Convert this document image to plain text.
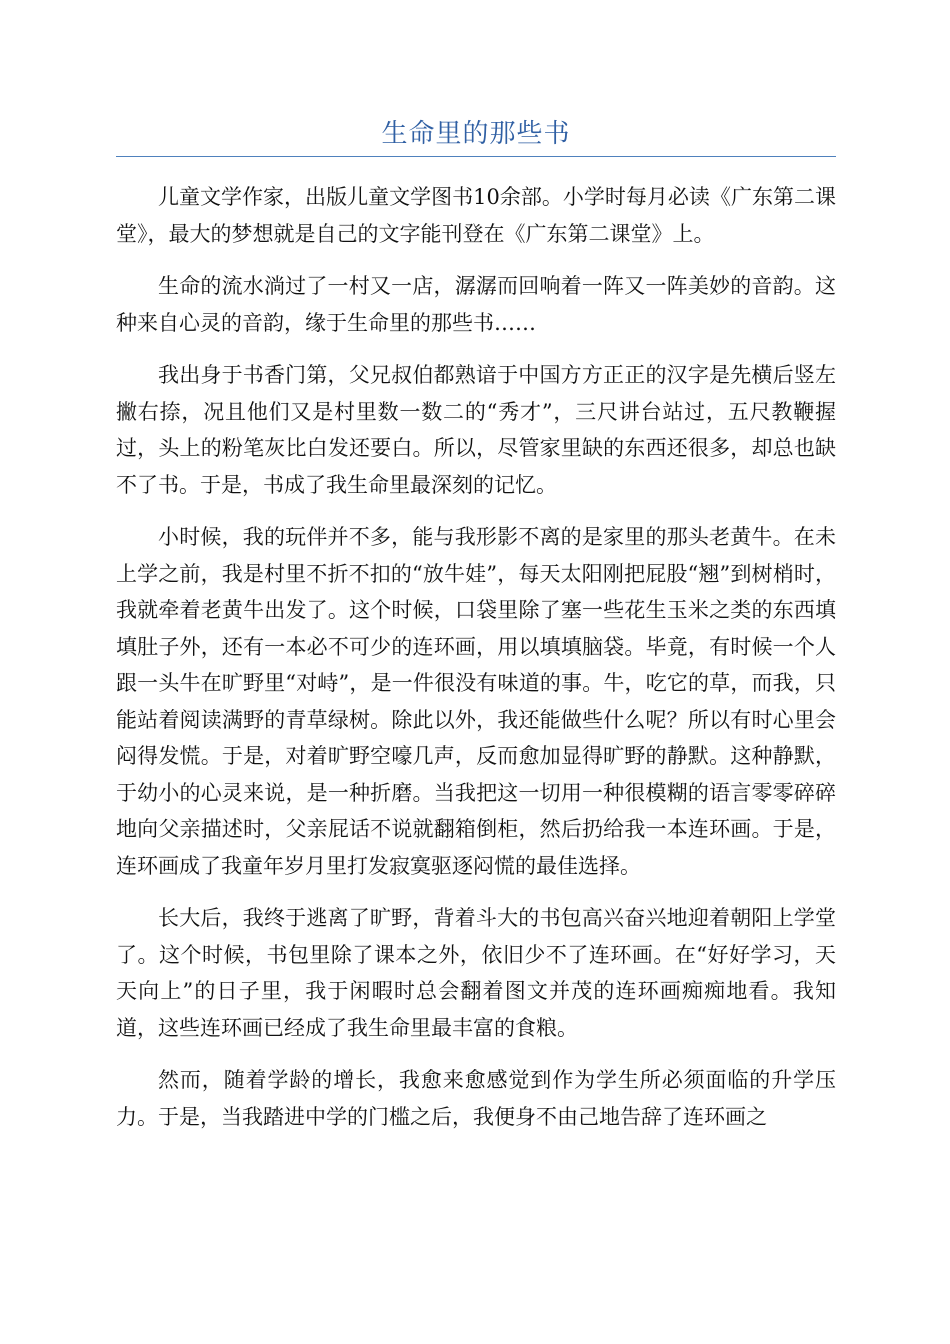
生命里的那些书

儿童文学作家，出版儿童文学图书10余部。小学时每月必读《广东第二课堂》，最大的梦想就是自己的文字能刊登在《广东第二课堂》上。

生命的流水淌过了一村又一店，潺潺而回响着一阵又一阵美妙的音韵。这种来自心灵的音韵，缘于生命里的那些书……

我出身于书香门第，父兄叔伯都熟谙于中国方方正正的汉字是先横后竖左撇右捺，况且他们又是村里数一数二的“秀才”，三尺讲台站过，五尺教鞭握过，头上的粉笔灰比白发还要白。所以，尽管家里缺的东西还很多，却总也缺不了书。于是，书成了我生命里最深刻的记忆。

小时候，我的玩伴并不多，能与我形影不离的是家里的那头老黄牛。在未上学之前，我是村里不折不扣的“放牛娃”，每天太阳刚把屁股“翘”到树梢时，我就牵着老黄牛出发了。这个时候，口袋里除了塞一些花生玉米之类的东西填填肚子外，还有一本必不可少的连环画，用以填填脑袋。毕竟，有时候一个人跟一头牛在旷野里“对峙”，是一件很没有味道的事。牛，吃它的草，而我，只能站着阅读满野的青草绿树。除此以外，我还能做些什么呢？所以有时心里会闷得发慌。于是，对着旷野空嚎几声，反而愈加显得旷野的静默。这种静默，于幼小的心灵来说，是一种折磨。当我把这一切用一种很模糊的语言零零碎碎地向父亲描述时，父亲屁话不说就翻箱倒柜，然后扔给我一本连环画。于是，连环画成了我童年岁月里打发寂寞驱逐闷慌的最佳选择。

长大后，我终于逃离了旷野，背着斗大的书包高兴奋兴地迎着朝阳上学堂了。这个时候，书包里除了课本之外，依旧少不了连环画。在“好好学习，天天向上”的日子里，我于闲暇时总会翻着图文并茂的连环画痴痴地看。我知道，这些连环画已经成了我生命里最丰富的食粮。

然而，随着学龄的增长，我愈来愈感觉到作为学生所必须面临的升学压力。于是，当我踏进中学的门槛之后，我便身不由己地告辞了连环画之
